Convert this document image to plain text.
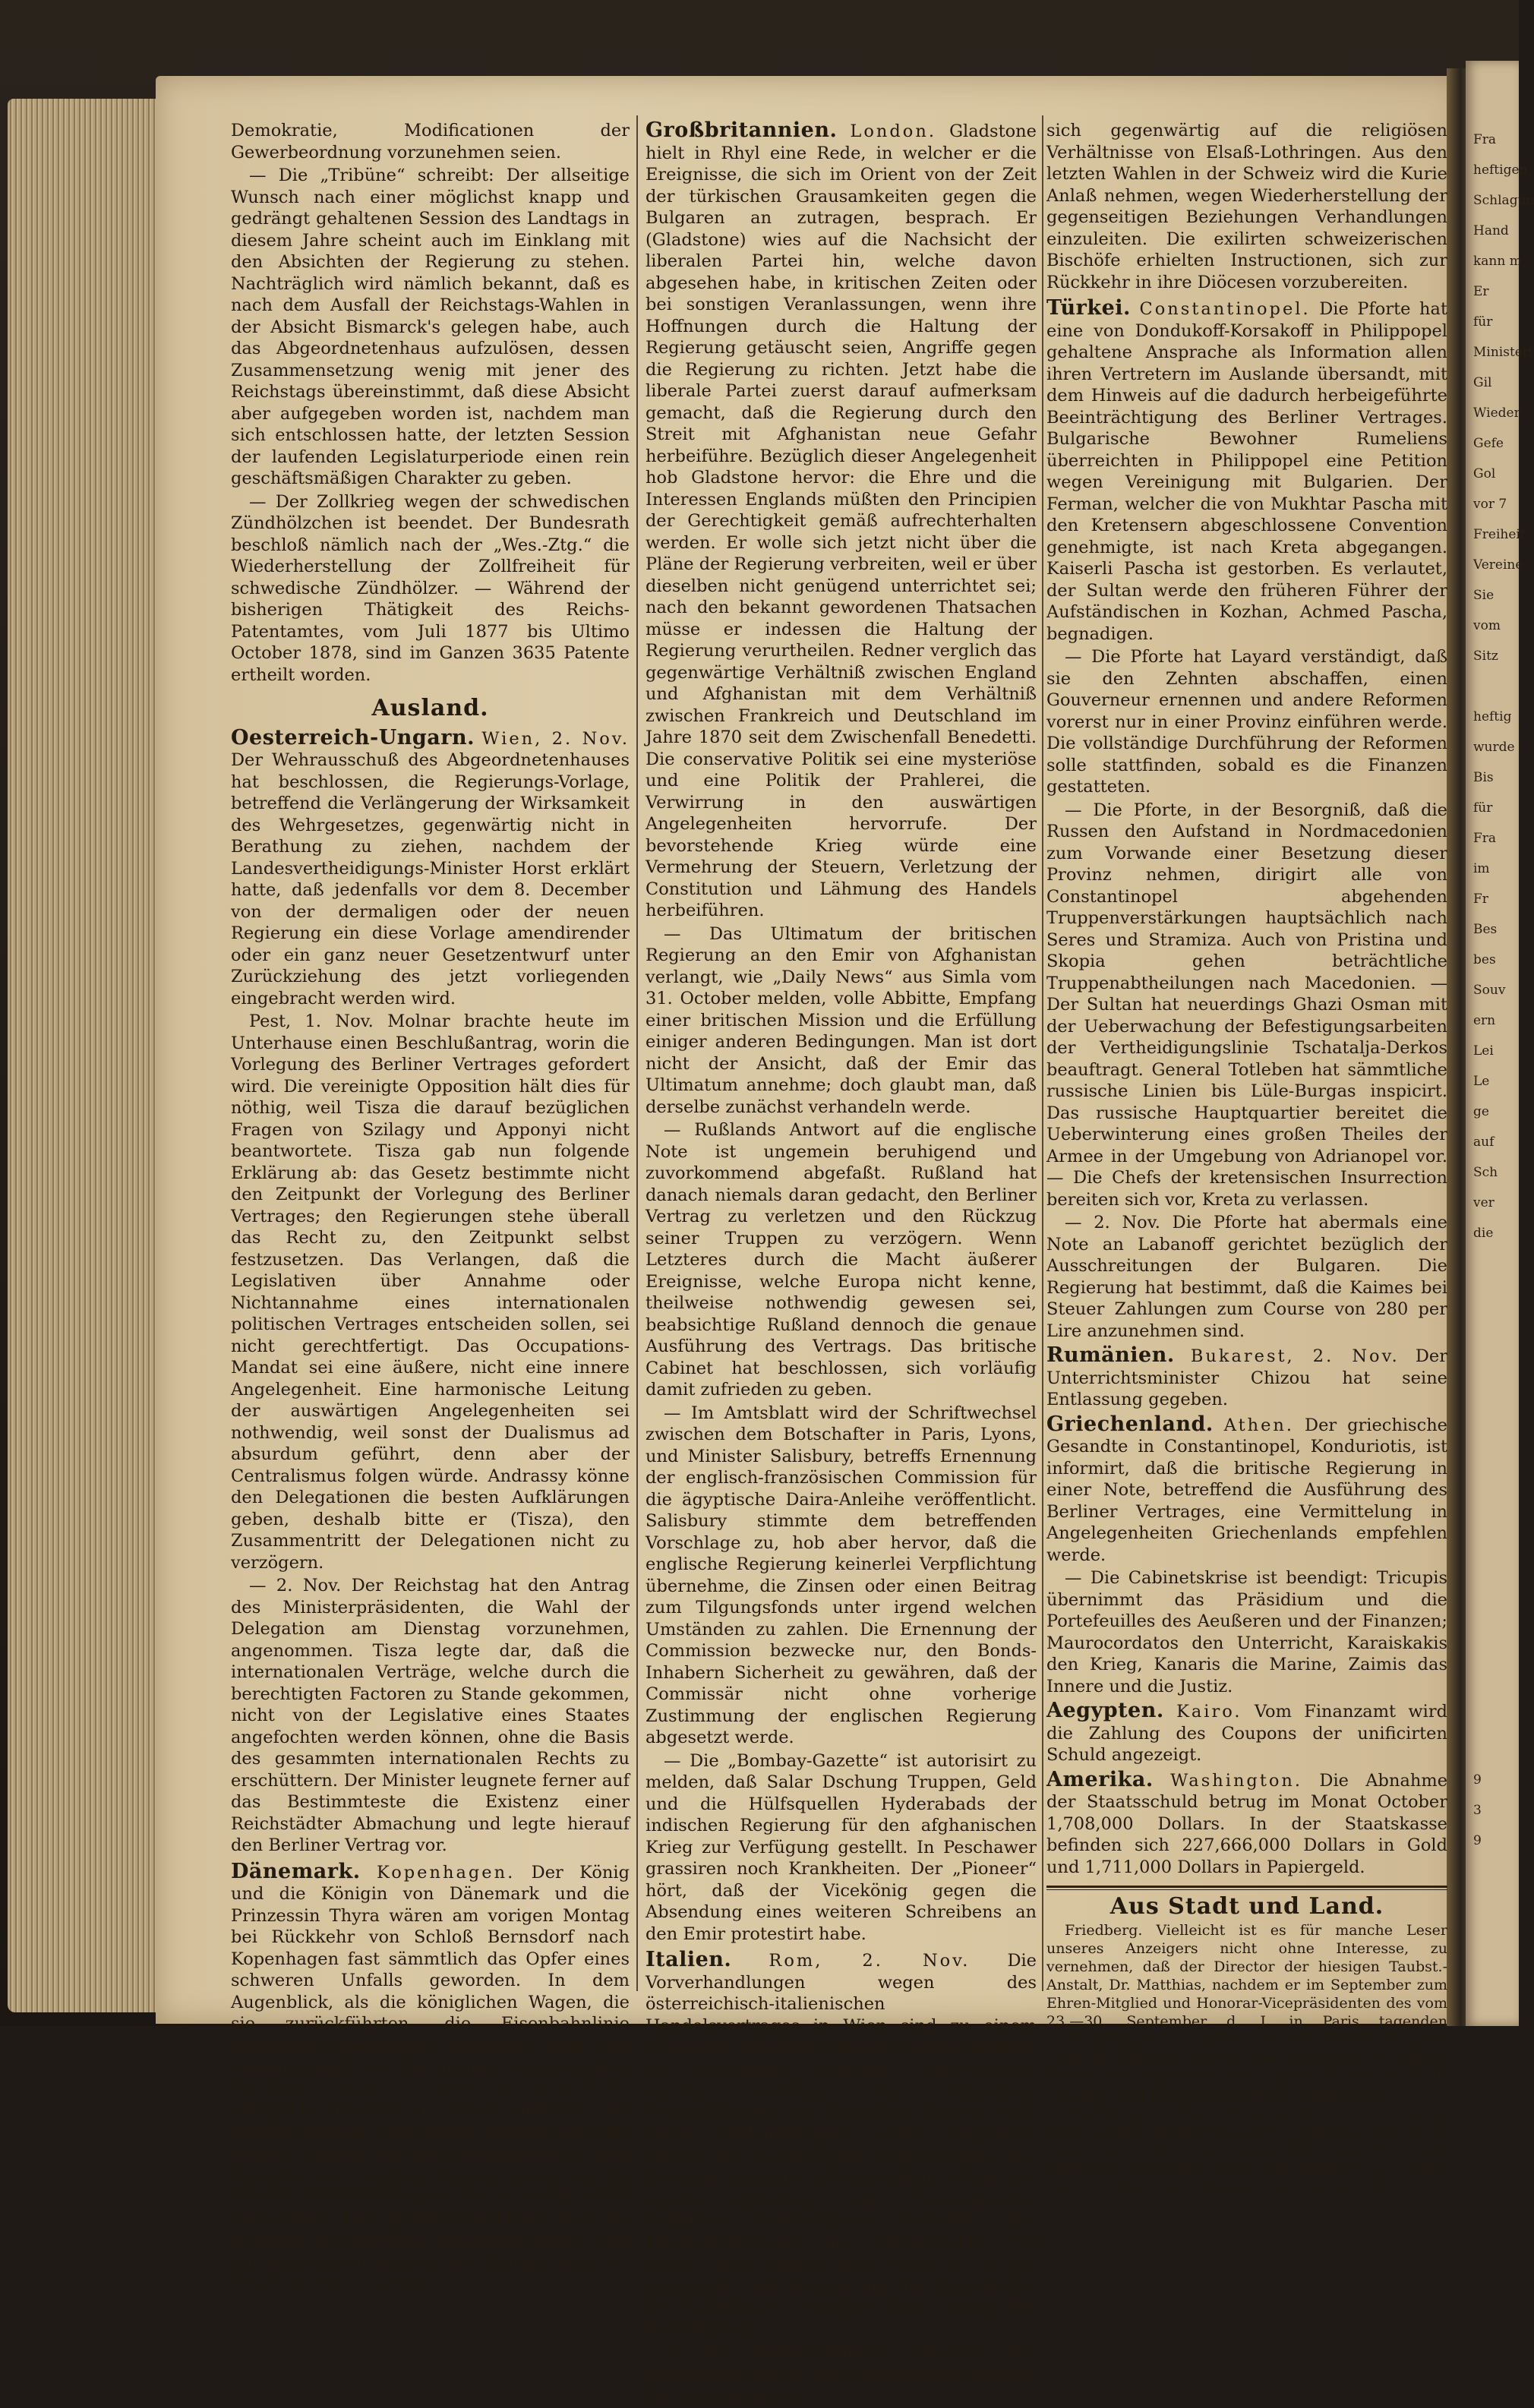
Fra
heftigen
Schlagun
Hand
kann m
Er
für
Ministeri
Gil
Wieder
Gefe
Gol
vor 7
Freiheit
Vereine
Sie
vom
Sitz
heftig
wurde
Bis
für
Fra
im
Fr
Bes
bes
Souv
ern
Lei
Le
ge
auf
Sch
ver
die
9
3
9

Demokratie, Modificationen der Gewerbeordnung vorzunehmen seien.

— Die „Tribüne“ schreibt: Der allseitige Wunsch nach einer möglichst knapp und gedrängt gehaltenen Session des Landtags in diesem Jahre scheint auch im Einklang mit den Absichten der Regierung zu stehen. Nachträglich wird nämlich bekannt, daß es nach dem Ausfall der Reichstags-Wahlen in der Absicht Bismarck's gelegen habe, auch das Abgeordnetenhaus aufzulösen, dessen Zusammensetzung wenig mit jener des Reichstags übereinstimmt, daß diese Absicht aber aufgegeben worden ist, nachdem man sich entschlossen hatte, der letzten Session der laufenden Legislaturperiode einen rein geschäftsmäßigen Charakter zu geben.

— Der Zollkrieg wegen der schwedischen Zündhölzchen ist beendet. Der Bundesrath beschloß nämlich nach der „Wes.-Ztg.“ die Wiederherstellung der Zollfreiheit für schwedische Zündhölzer. — Während der bisherigen Thätigkeit des Reichs-Patentamtes, vom Juli 1877 bis Ultimo October 1878, sind im Ganzen 3635 Patente ertheilt worden.

Ausland.

Oesterreich-Ungarn. Wien, 2. Nov. Der Wehrausschuß des Abgeordnetenhauses hat beschlossen, die Regierungs-Vorlage, betreffend die Verlängerung der Wirksamkeit des Wehrgesetzes, gegenwärtig nicht in Berathung zu ziehen, nachdem der Landesvertheidigungs-Minister Horst erklärt hatte, daß jedenfalls vor dem 8. December von der dermaligen oder der neuen Regierung ein diese Vorlage amendirender oder ein ganz neuer Gesetzentwurf unter Zurückziehung des jetzt vorliegenden eingebracht werden wird.

Pest, 1. Nov. Molnar brachte heute im Unterhause einen Beschlußantrag, worin die Vorlegung des Berliner Vertrages gefordert wird. Die vereinigte Opposition hält dies für nöthig, weil Tisza die darauf bezüglichen Fragen von Szilagy und Apponyi nicht beantwortete. Tisza gab nun folgende Erklärung ab: das Gesetz bestimmte nicht den Zeitpunkt der Vorlegung des Berliner Vertrages; den Regierungen stehe überall das Recht zu, den Zeitpunkt selbst festzusetzen. Das Verlangen, daß die Legislativen über Annahme oder Nichtannahme eines internationalen politischen Vertrages entscheiden sollen, sei nicht gerechtfertigt. Das Occupations-Mandat sei eine äußere, nicht eine innere Angelegenheit. Eine harmonische Leitung der auswärtigen Angelegenheiten sei nothwendig, weil sonst der Dualismus ad absurdum geführt, denn aber der Centralismus folgen würde. Andrassy könne den Delegationen die besten Aufklärungen geben, deshalb bitte er (Tisza), den Zusammentritt der Delegationen nicht zu verzögern.

— 2. Nov. Der Reichstag hat den Antrag des Ministerpräsidenten, die Wahl der Delegation am Dienstag vorzunehmen, angenommen. Tisza legte dar, daß die internationalen Verträge, welche durch die berechtigten Factoren zu Stande gekommen, nicht von der Legislative eines Staates angefochten werden können, ohne die Basis des gesammten internationalen Rechts zu erschüttern. Der Minister leugnete ferner auf das Bestimmteste die Existenz einer Reichstädter Abmachung und legte hierauf den Berliner Vertrag vor.

Dänemark. Kopenhagen. Der König und die Königin von Dänemark und die Prinzessin Thyra wären am vorigen Montag bei Rückkehr von Schloß Bernsdorf nach Kopenhagen fast sämmtlich das Opfer eines schweren Unfalls geworden. In dem Augenblick, als die königlichen Wagen, die sie zurückführten, die Eisenbahnlinie Helsingör-Kopenhagen passirten, kam mit vollem Dampf ein Zug an und fuhr zwischen die beiden Wagen, in deren einem sich die königliche Familie, in deren anderem das Gefolge befand. Die beiden Hinterräder des ersten Wagens wurden zerschmettert, dem Kutscher des zweiten Wagens gelang es, die Pferde zurückzudrängen und er wurde nicht verwundet. Der Barrièrenwächter, der die Barrière zu schließen vergessen hatte, wird auf besonderen Wunsch des Königs nicht zur Strafe gezogen werden.

Großbritannien. London. Gladstone hielt in Rhyl eine Rede, in welcher er die Ereignisse, die sich im Orient von der Zeit der türkischen Grausamkeiten gegen die Bulgaren an zutragen, besprach. Er (Gladstone) wies auf die Nachsicht der liberalen Partei hin, welche davon abgesehen habe, in kritischen Zeiten oder bei sonstigen Veranlassungen, wenn ihre Hoffnungen durch die Haltung der Regierung getäuscht seien, Angriffe gegen die Regierung zu richten. Jetzt habe die liberale Partei zuerst darauf aufmerksam gemacht, daß die Regierung durch den Streit mit Afghanistan neue Gefahr herbeiführe. Bezüglich dieser Angelegenheit hob Gladstone hervor: die Ehre und die Interessen Englands müßten den Principien der Gerechtigkeit gemäß aufrechterhalten werden. Er wolle sich jetzt nicht über die Pläne der Regierung verbreiten, weil er über dieselben nicht genügend unterrichtet sei; nach den bekannt gewordenen Thatsachen müsse er indessen die Haltung der Regierung verurtheilen. Redner verglich das gegenwärtige Verhältniß zwischen England und Afghanistan mit dem Verhältniß zwischen Frankreich und Deutschland im Jahre 1870 seit dem Zwischenfall Benedetti. Die conservative Politik sei eine mysteriöse und eine Politik der Prahlerei, die Verwirrung in den auswärtigen Angelegenheiten hervorrufe. Der bevorstehende Krieg würde eine Vermehrung der Steuern, Verletzung der Constitution und Lähmung des Handels herbeiführen.

— Das Ultimatum der britischen Regierung an den Emir von Afghanistan verlangt, wie „Daily News“ aus Simla vom 31. October melden, volle Abbitte, Empfang einer britischen Mission und die Erfüllung einiger anderen Bedingungen. Man ist dort nicht der Ansicht, daß der Emir das Ultimatum annehme; doch glaubt man, daß derselbe zunächst verhandeln werde.

— Rußlands Antwort auf die englische Note ist ungemein beruhigend und zuvorkommend abgefaßt. Rußland hat danach niemals daran gedacht, den Berliner Vertrag zu verletzen und den Rückzug seiner Truppen zu verzögern. Wenn Letzteres durch die Macht äußerer Ereignisse, welche Europa nicht kenne, theilweise nothwendig gewesen sei, beabsichtige Rußland dennoch die genaue Ausführung des Vertrags. Das britische Cabinet hat beschlossen, sich vorläufig damit zufrieden zu geben.

— Im Amtsblatt wird der Schriftwechsel zwischen dem Botschafter in Paris, Lyons, und Minister Salisbury, betreffs Ernennung der englisch-französischen Commission für die ägyptische Daira-Anleihe veröffentlicht. Salisbury stimmte dem betreffenden Vorschlage zu, hob aber hervor, daß die englische Regierung keinerlei Verpflichtung übernehme, die Zinsen oder einen Beitrag zum Tilgungsfonds unter irgend welchen Umständen zu zahlen. Die Ernennung der Commission bezwecke nur, den Bonds-Inhabern Sicherheit zu gewähren, daß der Commissär nicht ohne vorherige Zustimmung der englischen Regierung abgesetzt werde.

— Die „Bombay-Gazette“ ist autorisirt zu melden, daß Salar Dschung Truppen, Geld und die Hülfsquellen Hyderabads der indischen Regierung für den afghanischen Krieg zur Verfügung gestellt. In Peschawer grassiren noch Krankheiten. Der „Pioneer“ hört, daß der Vicekönig gegen die Absendung eines weiteren Schreibens an den Emir protestirt habe.

Italien. Rom, 2. Nov. Die Vorverhandlungen wegen des österreichisch-italienischen Handelsvertrages in Wien sind zu einem günstigen Abschluß gelangt, indem daselbst ein vorläufiges Protokoll unterzeichnet wurde, welches den definitiven Verhandlungen zur Grundlage dienen wird. Diese Verhandlungen sollen beginnen, sobald die betheiligten Regierungen das Protokoll ratificirt haben werden. Ellena und Axerio erhielten vom Finanzminister definitive Instructionen betreffs des Handelsvertrages mit Oesterreich und reisen heute Abend nach Wien ab. — Die Nachricht, daß Pessina auf das Portefeuille des Ackerbaues verzichtet habe, bedarf der Bestätigung.

— Die Verhandlungen zwischen der päpstlichen Kurie und Deutschland dauern fort und beziehen

sich gegenwärtig auf die religiösen Verhältnisse von Elsaß-Lothringen. Aus den letzten Wahlen in der Schweiz wird die Kurie Anlaß nehmen, wegen Wiederherstellung der gegenseitigen Beziehungen Verhandlungen einzuleiten. Die exilirten schweizerischen Bischöfe erhielten Instructionen, sich zur Rückkehr in ihre Diöcesen vorzubereiten.

Türkei. Constantinopel. Die Pforte hat eine von Dondukoff-Korsakoff in Philippopel gehaltene Ansprache als Information allen ihren Vertretern im Auslande übersandt, mit dem Hinweis auf die dadurch herbeigeführte Beeinträchtigung des Berliner Vertrages. Bulgarische Bewohner Rumeliens überreichten in Philippopel eine Petition wegen Vereinigung mit Bulgarien. Der Ferman, welcher die von Mukhtar Pascha mit den Kretensern abgeschlossene Convention genehmigte, ist nach Kreta abgegangen. Kaiserli Pascha ist gestorben. Es verlautet, der Sultan werde den früheren Führer der Aufständischen in Kozhan, Achmed Pascha, begnadigen.

— Die Pforte hat Layard verständigt, daß sie den Zehnten abschaffen, einen Gouverneur ernennen und andere Reformen vorerst nur in einer Provinz einführen werde. Die vollständige Durchführung der Reformen solle stattfinden, sobald es die Finanzen gestatteten.

— Die Pforte, in der Besorgniß, daß die Russen den Aufstand in Nordmacedonien zum Vorwande einer Besetzung dieser Provinz nehmen, dirigirt alle von Constantinopel abgehenden Truppenverstärkungen hauptsächlich nach Seres und Stramiza. Auch von Pristina und Skopia gehen beträchtliche Truppenabtheilungen nach Macedonien. — Der Sultan hat neuerdings Ghazi Osman mit der Ueberwachung der Befestigungsarbeiten der Vertheidigungslinie Tschatalja-Derkos beauftragt. General Totleben hat sämmtliche russische Linien bis Lüle-Burgas inspicirt. Das russische Hauptquartier bereitet die Ueberwinterung eines großen Theiles der Armee in der Umgebung von Adrianopel vor. — Die Chefs der kretensischen Insurrection bereiten sich vor, Kreta zu verlassen.

— 2. Nov. Die Pforte hat abermals eine Note an Labanoff gerichtet bezüglich der Ausschreitungen der Bulgaren. Die Regierung hat bestimmt, daß die Kaimes bei Steuer Zahlungen zum Course von 280 per Lire anzunehmen sind.

Rumänien. Bukarest, 2. Nov. Der Unterrichtsminister Chizou hat seine Entlassung gegeben.

Griechenland. Athen. Der griechische Gesandte in Constantinopel, Konduriotis, ist informirt, daß die britische Regierung in einer Note, betreffend die Ausführung des Berliner Vertrages, eine Vermittelung in Angelegenheiten Griechenlands empfehlen werde.

— Die Cabinetskrise ist beendigt: Tricupis übernimmt das Präsidium und die Portefeuilles des Aeußeren und der Finanzen; Maurocordatos den Unterricht, Karaiskakis den Krieg, Kanaris die Marine, Zaimis das Innere und die Justiz.

Aegypten. Kairo. Vom Finanzamt wird die Zahlung des Coupons der unificirten Schuld angezeigt.

Amerika. Washington. Die Abnahme der Staatsschuld betrug im Monat October 1,708,000 Dollars. In der Staatskasse befinden sich 227,666,000 Dollars in Gold und 1,711,000 Dollars in Papiergeld.

Aus Stadt und Land.

Friedberg. Vielleicht ist es für manche Leser unseres Anzeigers nicht ohne Interesse, zu vernehmen, daß der Director der hiesigen Taubst.-Anstalt, Dr. Matthias, nachdem er im September zum Ehren-Mitglied und Honorar-Vicepräsidenten des vom 23.—30. September d. J. in Paris tagenden „internationalen Congresses für die Verbesserung der Lage der Blinden“ ernannt war, jetzt auch das Ehren-Diplom des „internationalen Collegs für Wissenschaft, Literatur und Künste in Mailand“ erhalten hat.

Friedberg, 3. Nov. Heute wurde uns ein Zweig eines gelben Himbeerstrauchs gebracht, der dicht besät war mit zum zweitenmale gereiften und halbreifen Früchten sowie mit Blüthen. In vielen Gärten blühen die Erdbeeren zum zweitenmale.
